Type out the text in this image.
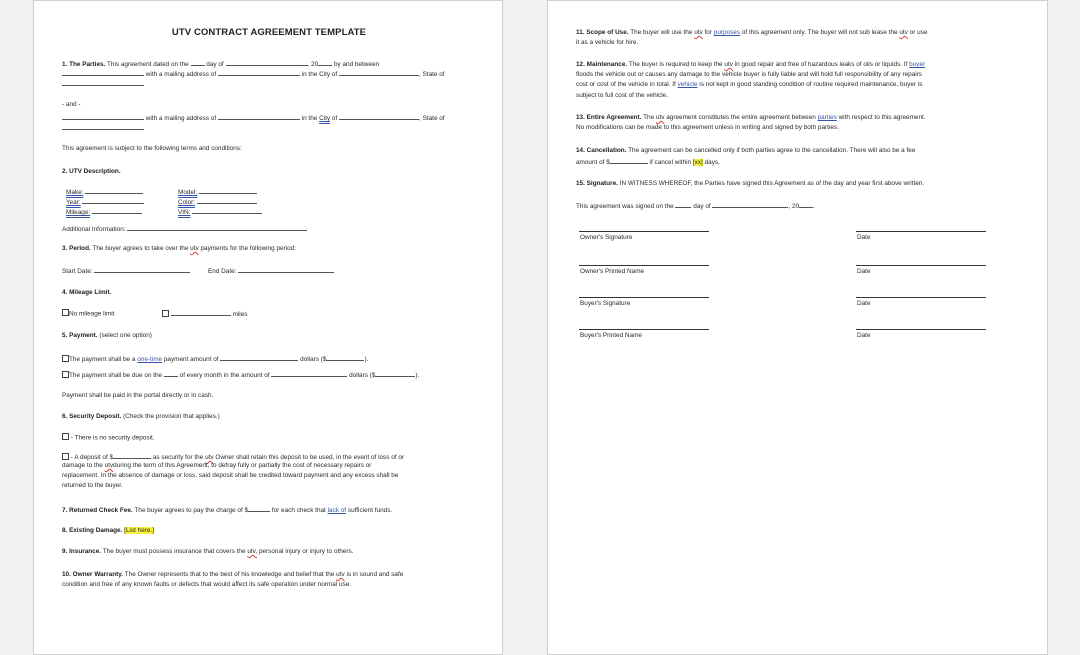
UTV CONTRACT AGREEMENT TEMPLATE
1. The Parties. This agreement dated on the	day of	, 20 by and between
with a mailing address of	in the City of	, State of
- and -
with a mailing address of	in the City of	, State of
This agreement is subject to the following terms and conditions:
2. UTV Description.
Make:	Model:
Year:	Color:
Mileage:	VIN:
Additional Information:
3. Period. The buyer agrees to take over the utv payments for the following period:
Start Date:	End Date:
4. Mileage Limit.
No mileage limit	miles
5. Payment. (select one option)
The payment shall be a one-time payment amount of	dollars ($	).
The payment shall be due on the	of every month in the amount of	dollars ($	).
Payment shall be paid in the portal directly or in cash.
6. Security Deposit. (Check the provision that applies.)
- There is no security deposit.
- A deposit of $	as security for the utv Owner shall retain this deposit to be used, in the event of loss of or
damage to the utvduring the term of this Agreement, to defray fully or partially the cost of necessary repairs or
replacement. In the absence of damage or loss, said deposit shall be credited toward payment and any excess shall be
returned to the buyer.
7. Returned Check Fee. The buyer agrees to pay the charge of $	for each check that lack of sufficient funds.
8. Existing Damage. [List here.]
9. Insurance. The buyer must possess insurance that covers the utv, personal injury or injury to others.
10. Owner Warranty. The Owner represents that to the best of his knowledge and belief that the utv is in sound and safe
condition and free of any known faults or defects that would affect its safe operation under normal use.
11. Scope of Use. The buyer will use the utv for purposes of this agreement only. The buyer will not sub lease the utv or use
it as a vehicle for hire.
12. Maintenance. The buyer is required to keep the utv in good repair and free of hazardous leaks of oils or liquids. If buyer
floods the vehicle out or causes any damage to the vehicle buyer is fully liable and will hold full responsibility of any repairs
cost or cost of the vehicle in total. If vehicle is not kept in good standing condition of routine required maintenance, buyer is
subject to full cost of the vehicle.
13. Entire Agreement. The utv agreement constitutes the entire agreement between parties with respect to this agreement.
No modifications can be made to this agreement unless in writing and signed by both parties.
14. Cancellation. The agreement can be cancelled only if both parties agree to the cancellation. There will also be a fee
amount of $	if cancel within [xx] days.
15. Signature. IN WITNESS WHEREOF, the Parties have signed this Agreement as of the day and year first above written.
This agreement was signed on the	day of	, 20 .
Owner's Signature	Date
Owner's Printed Name	Date
Buyer's Signature	Date
Buyer's Printed Name	Date
